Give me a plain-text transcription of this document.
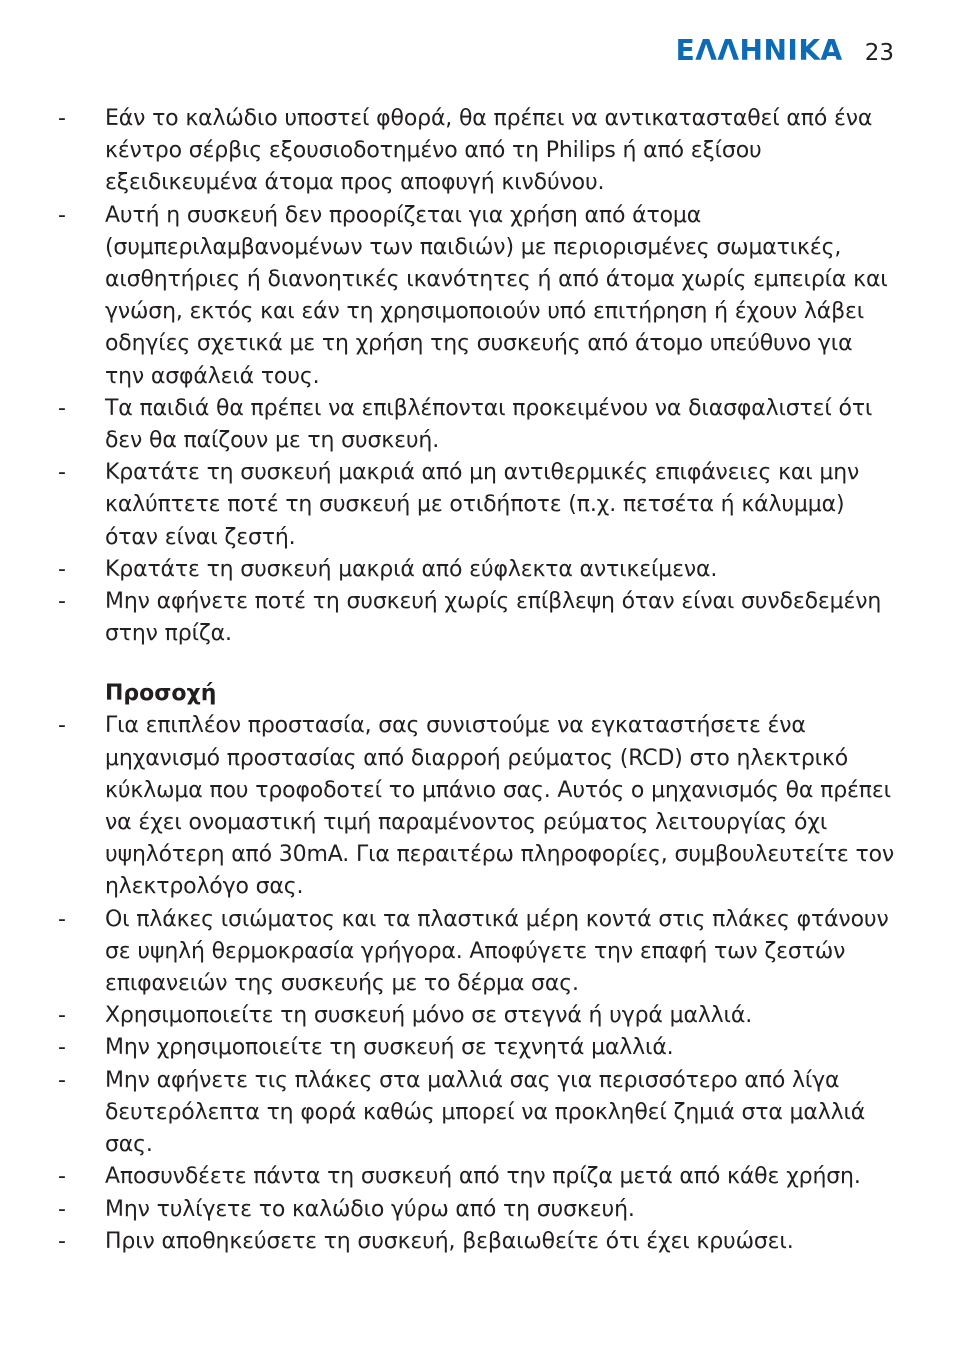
ΕΛΛΗΝΙΚΑ 23
-	Εάν το καλώδιο υποστεί φθορά, θα πρέπει να αντικατασταθεί από ένα κέντρο σέρβις εξουσιοδοτημένο από τη Philips ή από εξίσου εξειδικευμένα άτομα προς αποφυγή κινδύνου.
-	Αυτή η συσκευή δεν προορίζεται για χρήση από άτομα (συμπεριλαμβανομένων των παιδιών) με περιορισμένες σωματικές, αισθητήριες ή διανοητικές ικανότητες ή από άτομα χωρίς εμπειρία και γνώση, εκτός και εάν τη χρησιμοποιούν υπό επιτήρηση ή έχουν λάβει οδηγίες σχετικά με τη χρήση της συσκευής από άτομο υπεύθυνο για την ασφάλειά τους.
-	Τα παιδιά θα πρέπει να επιβλέπονται προκειμένου να διασφαλιστεί ότι δεν θα παίζουν με τη συσκευή.
-	Κρατάτε τη συσκευή μακριά από μη αντιθερμικές επιφάνειες και μην καλύπτετε ποτέ τη συσκευή με οτιδήποτε (π.χ. πετσέτα ή κάλυμμα) όταν είναι ζεστή.
-	Κρατάτε τη συσκευή μακριά από εύφλεκτα αντικείμενα.
-	Μην αφήνετε ποτέ τη συσκευή χωρίς επίβλεψη όταν είναι συνδεδεμένη στην πρίζα.
Προσοχή
-	Για επιπλέον προστασία, σας συνιστούμε να εγκαταστήσετε ένα μηχανισμό προστασίας από διαρροή ρεύματος (RCD) στο ηλεκτρικό κύκλωμα που τροφοδοτεί το μπάνιο σας. Αυτός ο μηχανισμός θα πρέπει να έχει ονομαστική τιμή παραμένοντος ρεύματος λειτουργίας όχι υψηλότερη από 30mA. Για περαιτέρω πληροφορίες, συμβουλευτείτε τον ηλεκτρολόγο σας.
-	Οι πλάκες ισιώματος και τα πλαστικά μέρη κοντά στις πλάκες φτάνουν σε υψηλή θερμοκρασία γρήγορα. Αποφύγετε την επαφή των ζεστών επιφανειών της συσκευής με το δέρμα σας.
-	Χρησιμοποιείτε τη συσκευή μόνο σε στεγνά ή υγρά μαλλιά.
-	Μην χρησιμοποιείτε τη συσκευή σε τεχνητά μαλλιά.
-	Μην αφήνετε τις πλάκες στα μαλλιά σας για περισσότερο από λίγα δευτερόλεπτα τη φορά καθώς μπορεί να προκληθεί ζημιά στα μαλλιά σας.
-	Αποσυνδέετε πάντα τη συσκευή από την πρίζα μετά από κάθε χρήση.
-	Μην τυλίγετε το καλώδιο γύρω από τη συσκευή.
-	Πριν αποθηκεύσετε τη συσκευή, βεβαιωθείτε ότι έχει κρυώσει.
